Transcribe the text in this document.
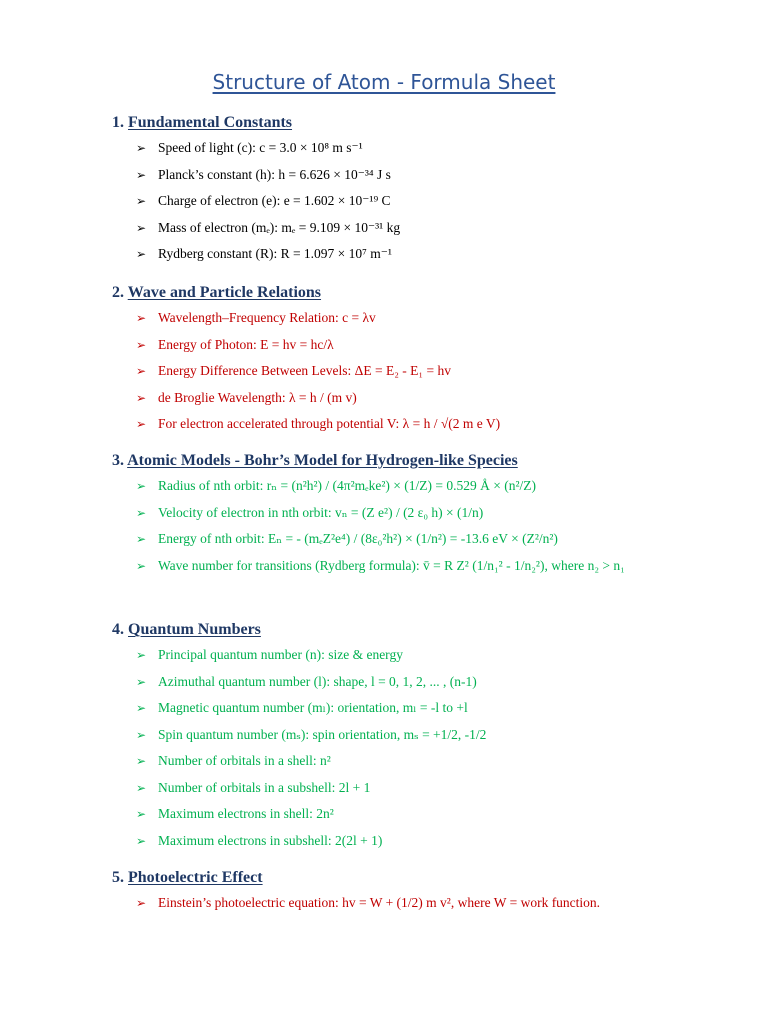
Structure of Atom - Formula Sheet
1. Fundamental Constants
➢ Speed of light (c): c = 3.0 × 10⁸ m s⁻¹
➢ Planck’s constant (h): h = 6.626 × 10⁻³⁴ J s
➢ Charge of electron (e): e = 1.602 × 10⁻¹⁹ C
➢ Mass of electron (mₑ): mₑ = 9.109 × 10⁻³¹ kg
➢ Rydberg constant (R): R = 1.097 × 10⁷ m⁻¹
2. Wave and Particle Relations
➢ Wavelength–Frequency Relation: c = λv
➢ Energy of Photon: E = hv = hc/λ
➢ Energy Difference Between Levels: ΔE = E₂ - E₁ = hv
➢ de Broglie Wavelength: λ = h / (m v)
➢ For electron accelerated through potential V: λ = h / √(2 m e V)
3. Atomic Models - Bohr’s Model for Hydrogen-like Species
➢ Radius of nth orbit: rₙ = (n²h²) / (4π²mₑke²) × (1/Z) = 0.529 Å × (n²/Z)
➢ Velocity of electron in nth orbit: vₙ = (Z e²) / (2 ε₀ h) × (1/n)
➢ Energy of nth orbit: Eₙ = - (mₑZ²e⁴) / (8ε₀²h²) × (1/n²) = -13.6 eV × (Z²/n²)
➢ Wave number for transitions (Rydberg formula): v̄ = R Z² (1/n₁² - 1/n₂²), where n₂ > n₁
4. Quantum Numbers
➢ Principal quantum number (n): size & energy
➢ Azimuthal quantum number (l): shape, l = 0, 1, 2, ... , (n-1)
➢ Magnetic quantum number (mₗ): orientation, mₗ = -l to +l
➢ Spin quantum number (mₛ): spin orientation, mₛ = +1/2, -1/2
➢ Number of orbitals in a shell: n²
➢ Number of orbitals in a subshell: 2l + 1
➢ Maximum electrons in shell: 2n²
➢ Maximum electrons in subshell: 2(2l + 1)
5. Photoelectric Effect
➢ Einstein’s photoelectric equation: hv = W + (1/2) m v², where W = work function.
